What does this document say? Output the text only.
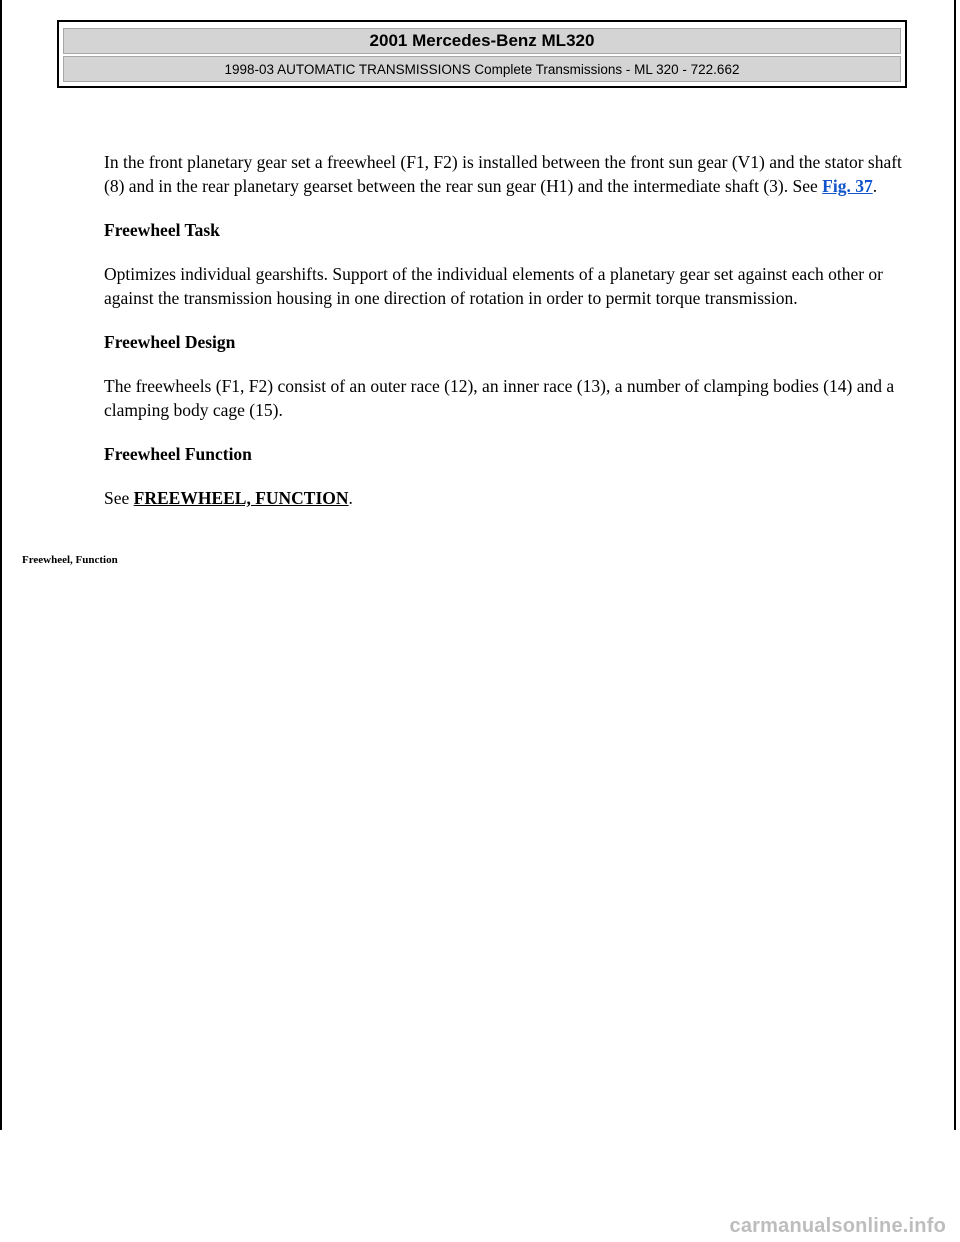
2001 Mercedes-Benz ML320
1998-03 AUTOMATIC TRANSMISSIONS Complete Transmissions - ML 320 - 722.662

In the front planetary gear set a freewheel (F1, F2) is installed between the front sun gear (V1) and the stator shaft (8) and in the rear planetary gearset between the rear sun gear (H1) and the intermediate shaft (3). See Fig. 37.

Freewheel Task

Optimizes individual gearshifts. Support of the individual elements of a planetary gear set against each other or against the transmission housing in one direction of rotation in order to permit torque transmission.

Freewheel Design

The freewheels (F1, F2) consist of an outer race (12), an inner race (13), a number of clamping bodies (14) and a clamping body cage (15).

Freewheel Function

See FREEWHEEL, FUNCTION.

Freewheel, Function
carmanualsonline.info
